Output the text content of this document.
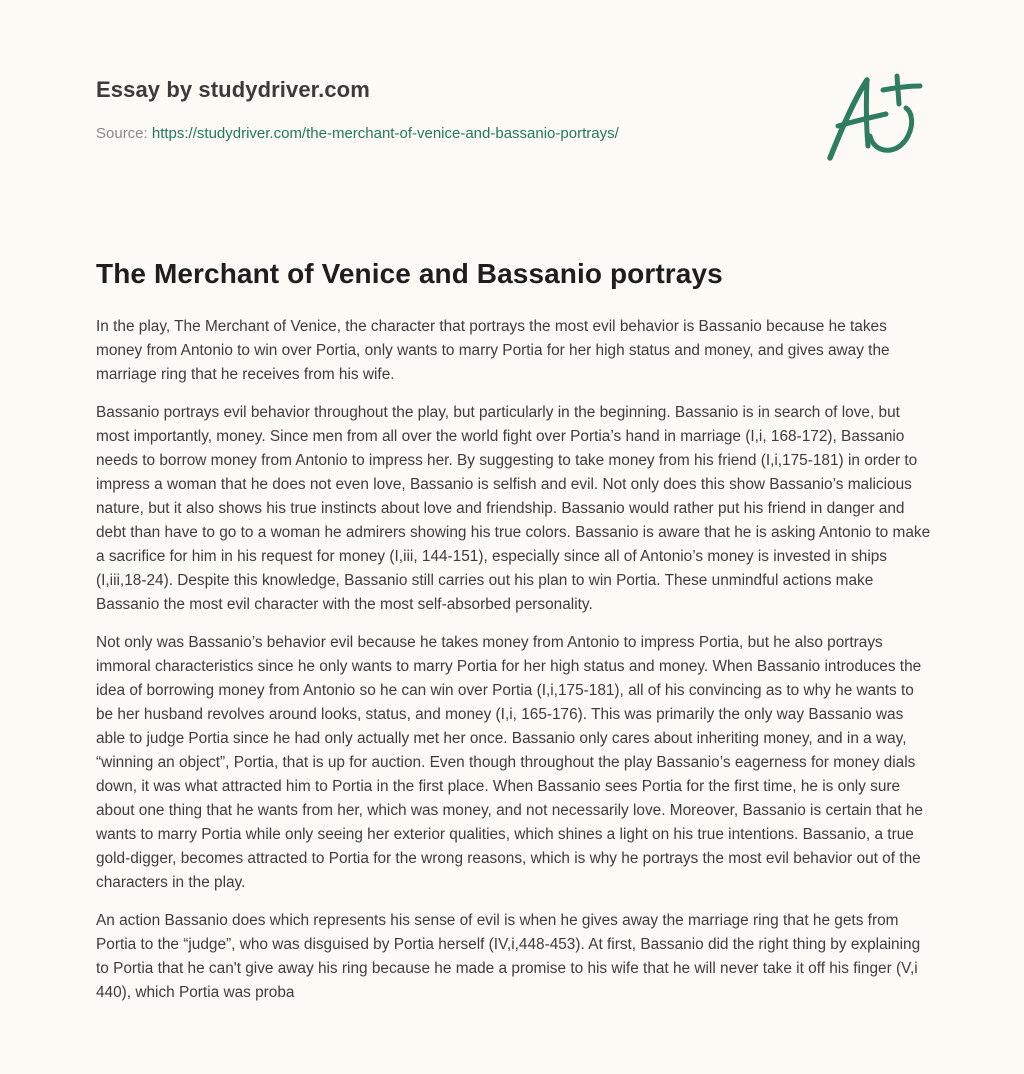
Essay by studydriver.com
Source: https://studydriver.com/the-merchant-of-venice-and-bassanio-portrays/
The Merchant of Venice and Bassanio portrays

In the play, The Merchant of Venice, the character that portrays the most evil behavior is Bassanio because he takes money from Antonio to win over Portia, only wants to marry Portia for her high status and money, and gives away the marriage ring that he receives from his wife.

Bassanio portrays evil behavior throughout the play, but particularly in the beginning. Bassanio is in search of love, but most importantly, money. Since men from all over the world fight over Portia’s hand in marriage (I,i, 168-172), Bassanio needs to borrow money from Antonio to impress her. By suggesting to take money from his friend (I,i,175-181) in order to impress a woman that he does not even love, Bassanio is selfish and evil. Not only does this show Bassanio’s malicious nature, but it also shows his true instincts about love and friendship. Bassanio would rather put his friend in danger and debt than have to go to a woman he admirers showing his true colors. Bassanio is aware that he is asking Antonio to make a sacrifice for him in his request for money (I,iii, 144-151), especially since all of Antonio’s money is invested in ships (I,iii,18-24). Despite this knowledge, Bassanio still carries out his plan to win Portia. These unmindful actions make Bassanio the most evil character with the most self-absorbed personality.

Not only was Bassanio’s behavior evil because he takes money from Antonio to impress Portia, but he also portrays immoral characteristics since he only wants to marry Portia for her high status and money. When Bassanio introduces the idea of borrowing money from Antonio so he can win over Portia (I,i,175-181), all of his convincing as to why he wants to be her husband revolves around looks, status, and money (I,i, 165-176). This was primarily the only way Bassanio was able to judge Portia since he had only actually met her once. Bassanio only cares about inheriting money, and in a way, “winning an object”, Portia, that is up for auction. Even though throughout the play Bassanio’s eagerness for money dials down, it was what attracted him to Portia in the first place. When Bassanio sees Portia for the first time, he is only sure about one thing that he wants from her, which was money, and not necessarily love. Moreover, Bassanio is certain that he wants to marry Portia while only seeing her exterior qualities, which shines a light on his true intentions. Bassanio, a true gold-digger, becomes attracted to Portia for the wrong reasons, which is why he portrays the most evil behavior out of the characters in the play.

An action Bassanio does which represents his sense of evil is when he gives away the marriage ring that he gets from Portia to the “judge”, who was disguised by Portia herself (IV,i,448-453). At first, Bassanio did the right thing by explaining to Portia that he can't give away his ring because he made a promise to his wife that he will never take it off his finger (V,i 440), which Portia was proba
